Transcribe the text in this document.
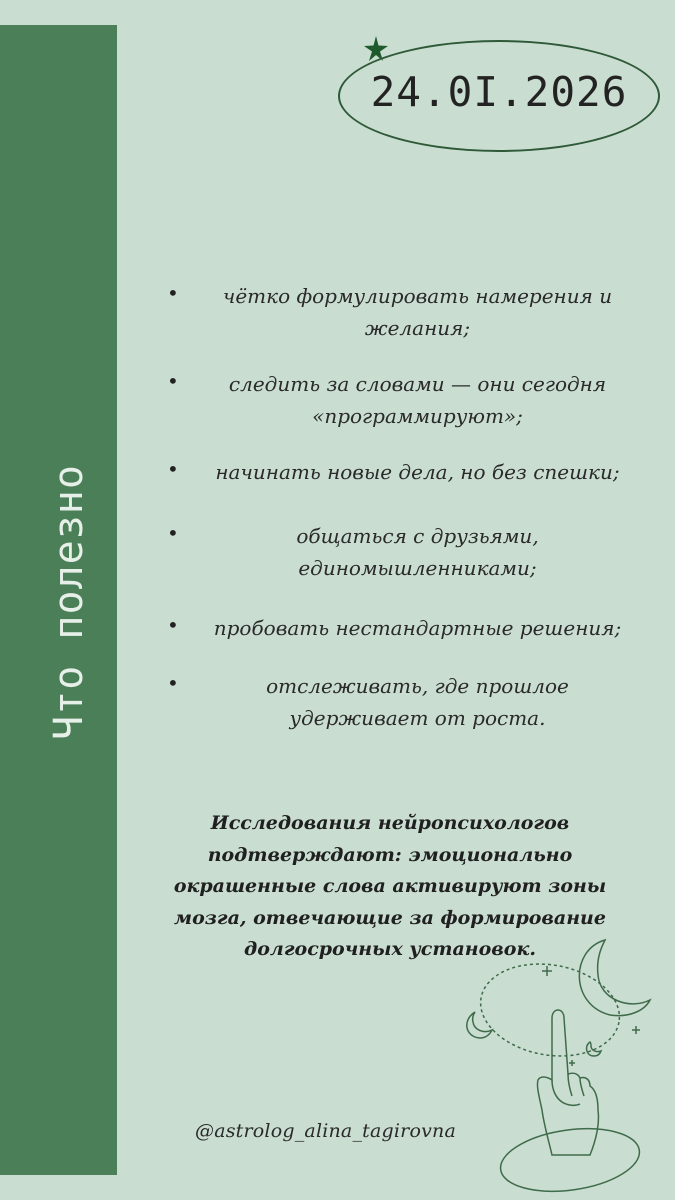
Что полезно
24.0I.2026
•	чётко формулировать намерения и желания;
•	следить за словами — они сегодня «программируют»;
•	начинать новые дела, но без спешки;
•	общаться с друзьями, единомышленниками;
•	пробовать нестандартные решения;
•	отслеживать, где прошлое удерживает от роста.
Исследования нейропсихологов подтверждают: эмоционально окрашенные слова активируют зоны мозга, отвечающие за формирование долгосрочных установок.
@astrolog_alina_tagirovna
